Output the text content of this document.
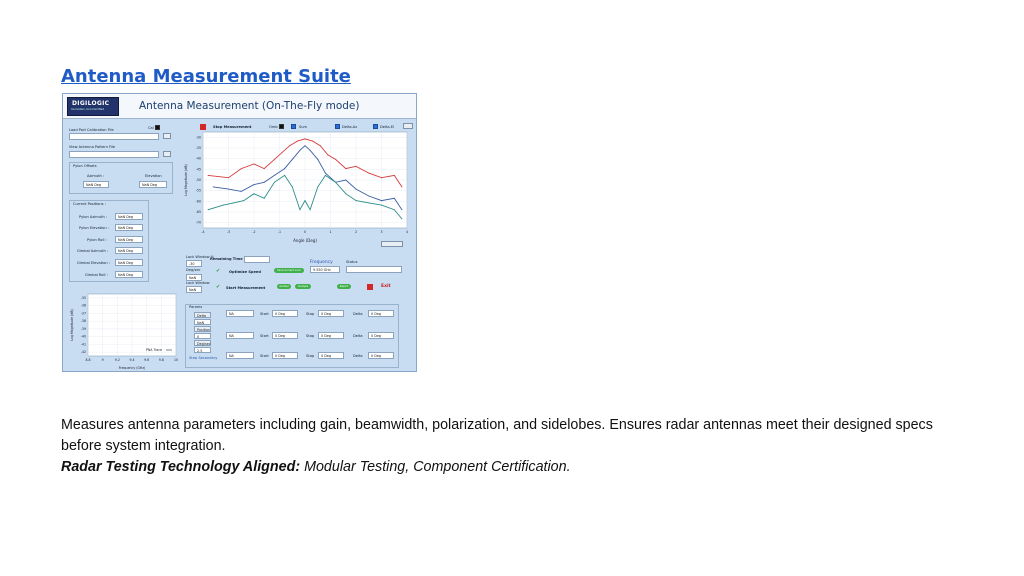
Antenna Measurement Suite
DIGILOGIC
Innovation, Uncommitted	Antenna Measurement (On-The-Fly mode)
Load Port Calibration File	Cal
View Antenna Pattern File
Pylon Offsets
Azimuth :	Elevation
NaN Deg	NaN Deg
Current Positions :
Pylon Azimuth :	NaN Deg
Pylon Elevation :	NaN Deg
Pylon Roll :	NaN Deg
Gimbal Azimuth :	NaN Deg
Gimbal Elevation :	NaN Deg
Gimbal Roll :	NaN Deg
Stop Measurement	Omb	Sum	Delta-Az	Delta-El
-30
-35
-40
-45
-50
-55
-60
-65
-70
-4	-3	-2	-1	0	1	2	3	4
Log Magnitude (dB)
Angle (Deg)
Lock Window %
-30
Remaining Time
Frequency	Status
9.550 GHz
Deg/sec
NaN
✔ Optimize Speed	Save Current Lock
Lock Window
NaN	✔ Start Measurement	Gimbal	Analyze	Report	Exit
-35
-36
-37
-38
-39
-40
-41
-42
8.8	9	9.2	9.4	9.6	9.8	10
Log Magnitude (dB)
Frequency (GHz)
PNA Trace
Params
Delta
NaN
Position
0
Deg/sec
2.5
NA	Start	0 Deg	Stop	0 Deg	Delta	0 Deg
NA	Start	0 Deg	Stop	0 Deg	Delta	0 Deg
Step Secondary	NA	Start	0 Deg	Stop	0 Deg	Delta	0 Deg
Measures antenna parameters including gain, beamwidth, polarization, and sidelobes. Ensures radar antennas meet their designed specs before system integration.
Radar Testing Technology Aligned: Modular Testing, Component Certification.
